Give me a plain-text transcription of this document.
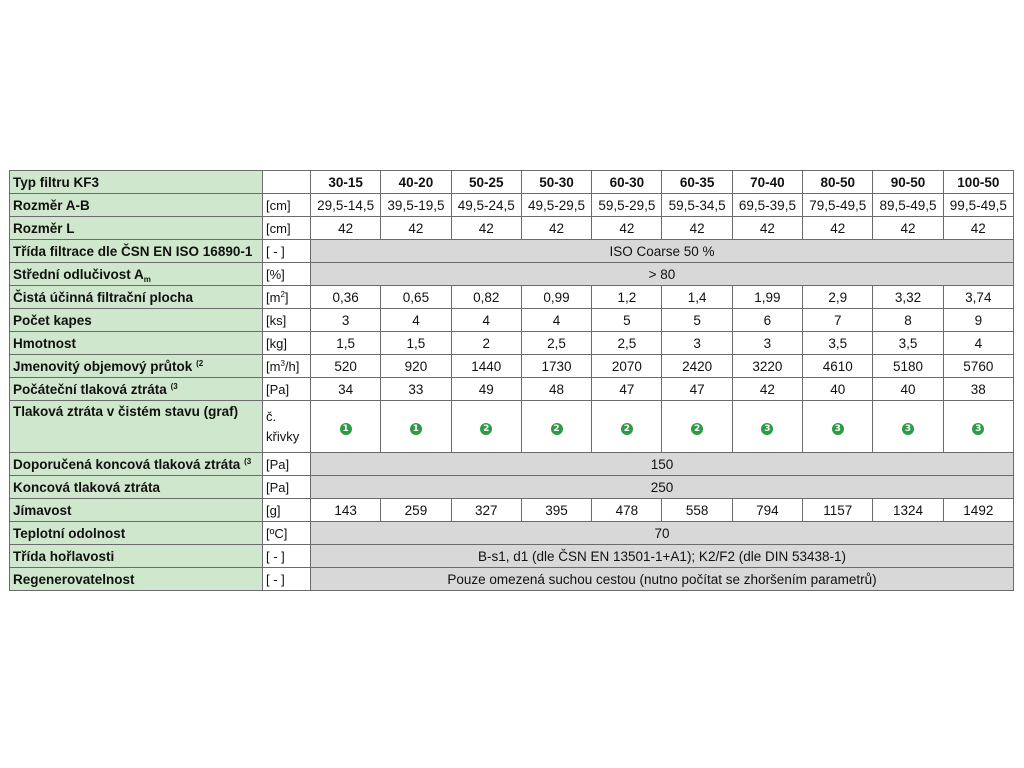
Typ filtru KF3		30-15	40-20	50-25	50-30	60-30	60-35	70-40	80-50	90-50	100-50
Rozměr A-B	[cm]	29,5-14,5	39,5-19,5	49,5-24,5	49,5-29,5	59,5-29,5	59,5-34,5	69,5-39,5	79,5-49,5	89,5-49,5	99,5-49,5
Rozměr L	[cm]	42	42	42	42	42	42	42	42	42	42
Třída filtrace dle ČSN EN ISO 16890-1	[ - ]	ISO Coarse 50 %									
Střední odlučivost $A_m$	[%]	> 80									
Čistá účinná filtrační plocha	$[m^2]$	0,36	0,65	0,82	0,99	1,2	1,4	1,99	2,9	3,32	3,74
Počet kapes	[ks]	3	4	4	4	5	5	6	7	8	9
Hmotnost	[kg]	1,5	1,5	2	2,5	2,5	3	3	3,5	3,5	4
Jmenovitý objemový průtok $^{(2}$	$[m^3/h]$	520	920	1440	1730	2070	2420	3220	4610	5180	5760
Počáteční tlaková ztráta $^{(3}$	[Pa]	34	33	49	48	47	47	42	40	40	38
Tlaková ztráta v čistém stavu (graf)	č. křivky	1	1	2	2	2	2	3	3	3	3
Doporučená koncová tlaková ztráta $^{(3}$	[Pa]	150									
Koncová tlaková ztráta	[Pa]	250									
Jímavost	[g]	143	259	327	395	478	558	794	1157	1324	1492
Teplotní odolnost	[ºC]	70									
Třída hořlavosti	[ - ]	B-s1, d1 (dle ČSN EN 13501-1+A1); K2/F2 (dle DIN 53438-1)									
Regenerovatelnost	[ - ]	Pouze omezená suchou cestou (nutno počítat se zhoršením parametrů)									
